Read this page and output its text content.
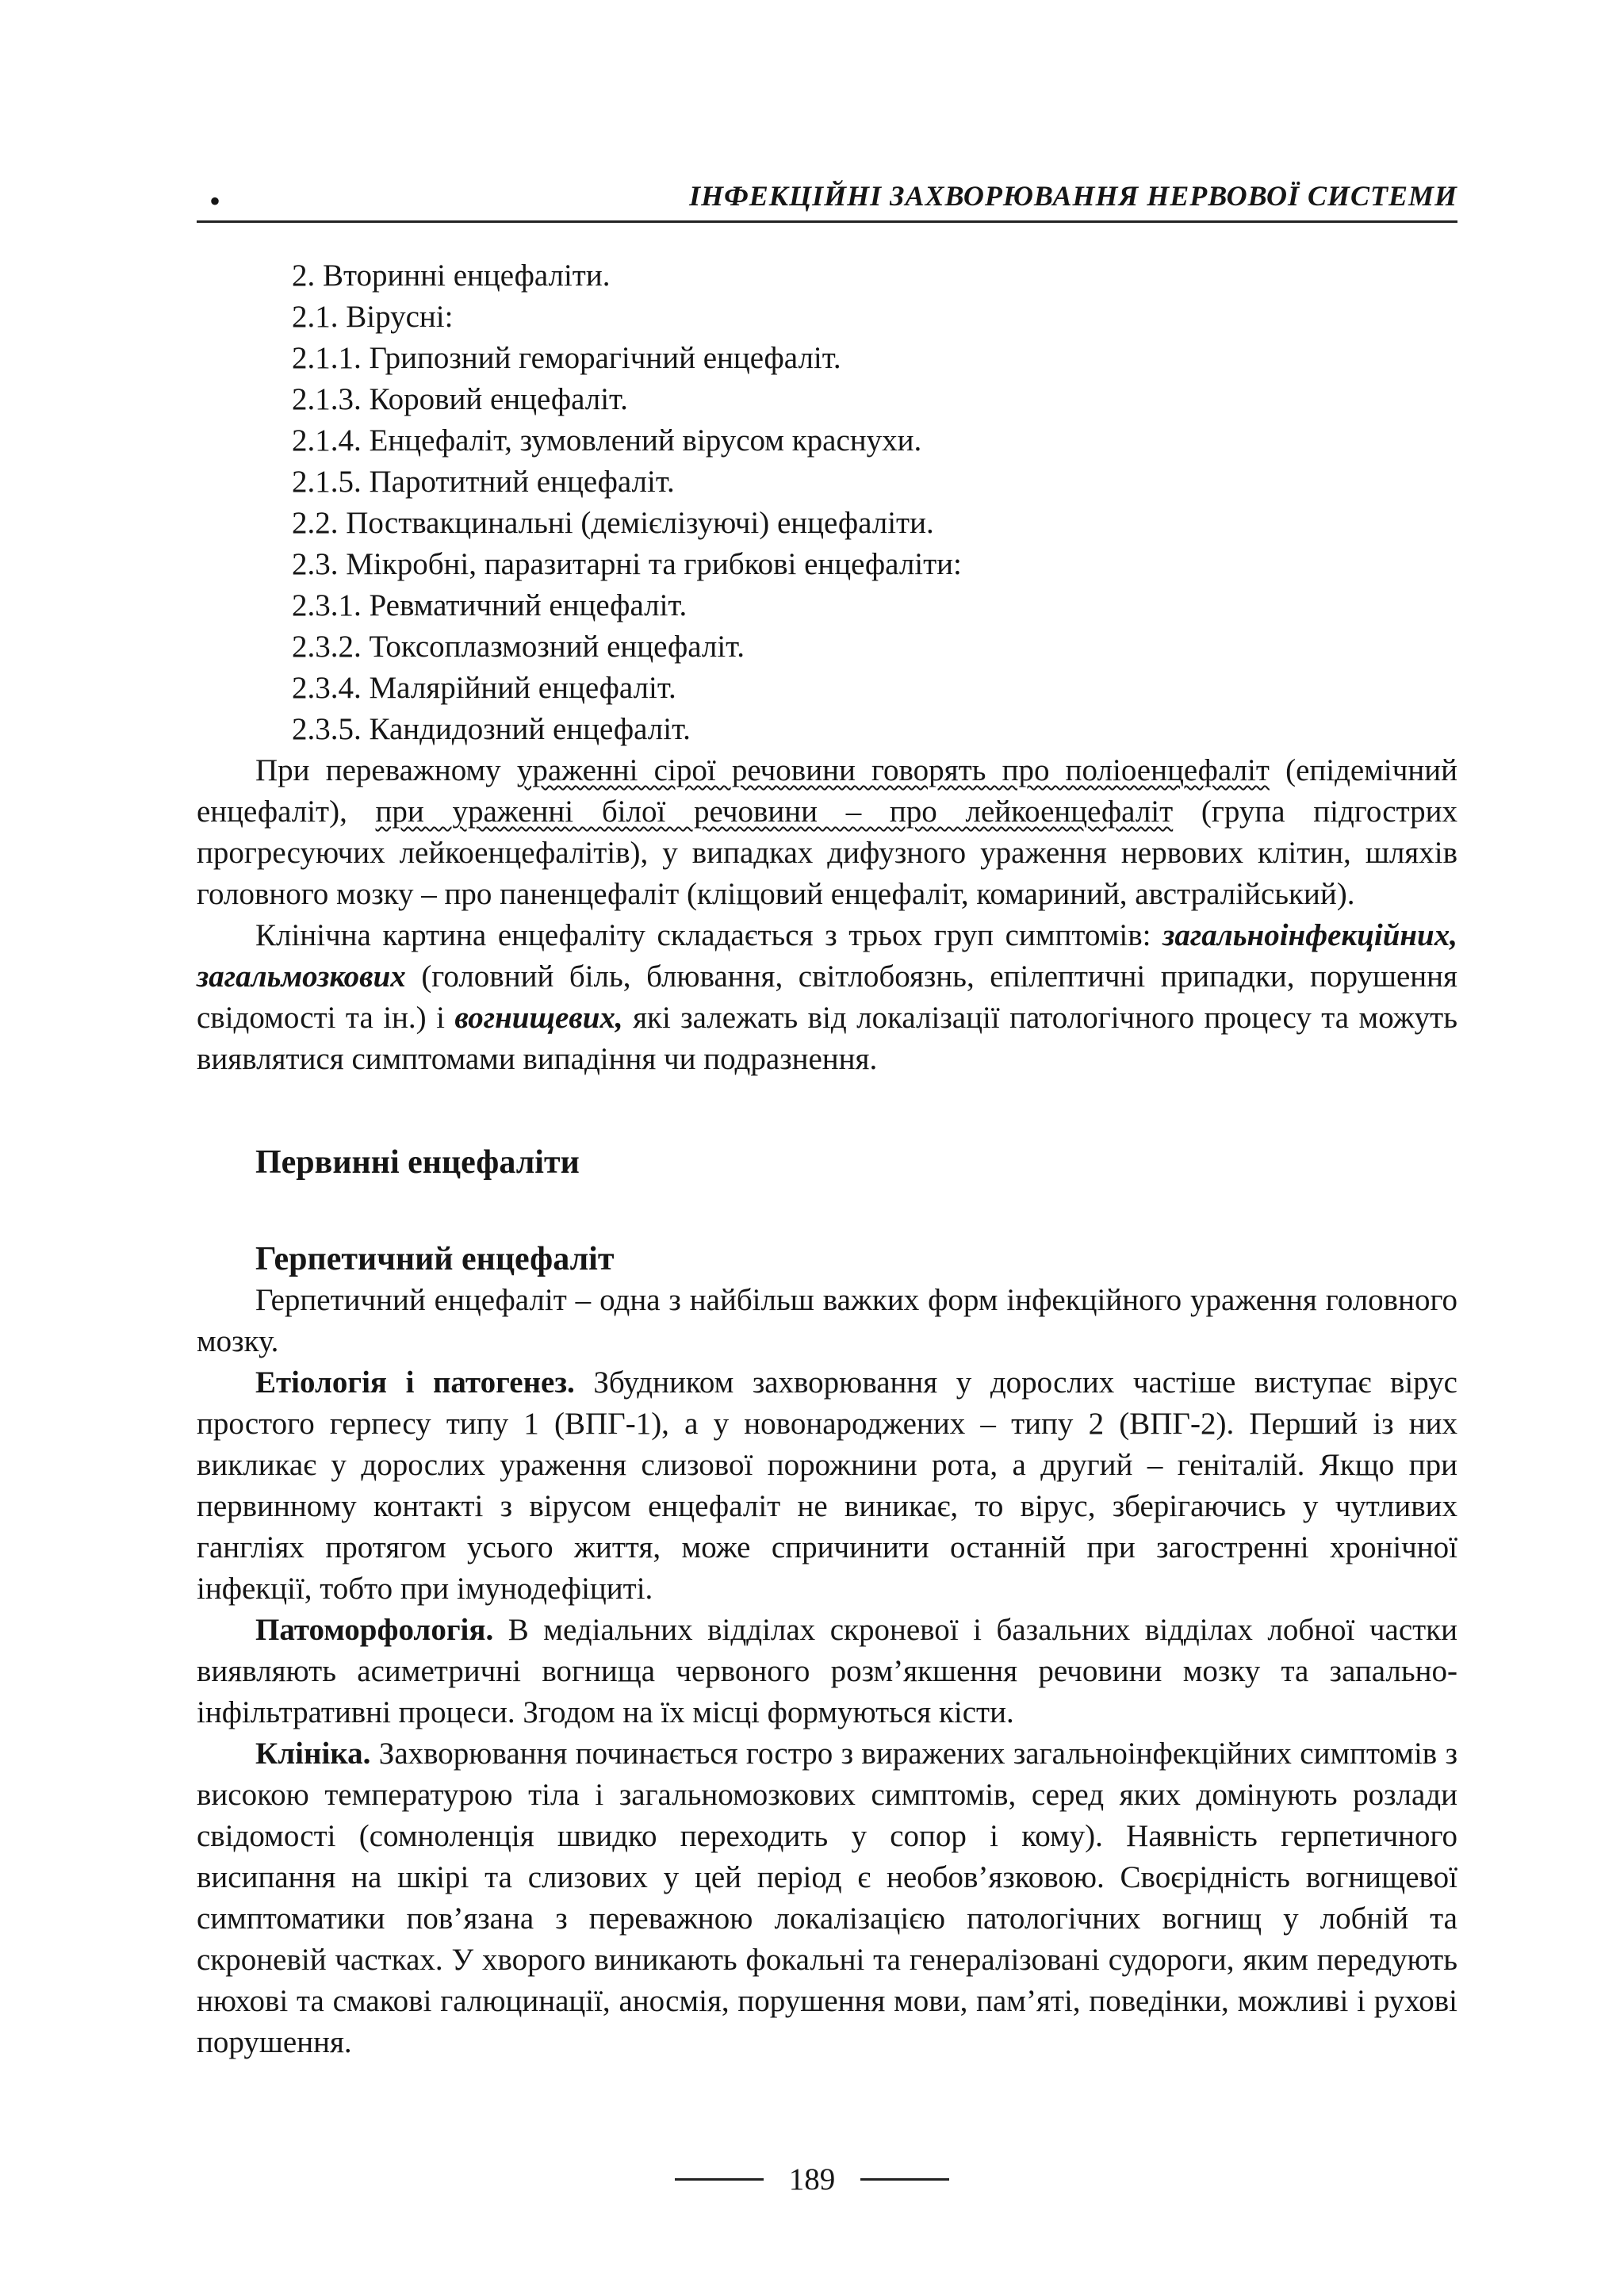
•	ІНФЕКЦІЙНІ ЗАХВОРЮВАННЯ НЕРВОВОЇ СИСТЕМИ
2. Вторинні енцефаліти.
2.1. Вірусні:
2.1.1. Грипозний геморагічний енцефаліт.
2.1.3. Коровий енцефаліт.
2.1.4. Енцефаліт, зумовлений вірусом краснухи.
2.1.5. Паротитний енцефаліт.
2.2. Поствакцинальні (демієлізуючі) енцефаліти.
2.3. Мікробні, паразитарні та грибкові енцефаліти:
2.3.1. Ревматичний енцефаліт.
2.3.2. Токсоплазмозний енцефаліт.
2.3.4. Малярійний енцефаліт.
2.3.5. Кандидозний енцефаліт.

При переважному ураженні сірої речовини говорять про поліоенцефаліт (епідемічний енцефаліт), при ураженні білої речовини – про лейкоенцефаліт (група підгострих прогресуючих лейкоенцефалітів), у випадках дифузного ураження нервових клітин, шляхів головного мозку – про паненцефаліт (кліщовий енцефаліт, комариний, австралійський).

Клінічна картина енцефаліту складається з трьох груп симптомів: загальноінфекційних, загальмозкових (головний біль, блювання, світлобоязнь, епілептичні припадки, порушення свідомості та ін.) і вогнищевих, які залежать від локалізації патологічного процесу та можуть виявлятися симптомами випадіння чи подразнення.

Первинні енцефаліти
Герпетичний енцефаліт

Герпетичний енцефаліт – одна з найбільш важких форм інфекційного ураження головного мозку.

Етіологія і патогенез. Збудником захворювання у дорослих частіше виступає вірус простого герпесу типу 1 (ВПГ-1), а у новонароджених – типу 2 (ВПГ-2). Перший із них викликає у дорослих ураження слизової порожнини рота, а другий – геніталій. Якщо при первинному контакті з вірусом енцефаліт не виникає, то вірус, зберігаючись у чутливих гангліях протягом усього життя, може спричинити останній при загостренні хронічної інфекції, тобто при імунодефіциті.

Патоморфологія. В медіальних відділах скроневої і базальних відділах лобної частки виявляють асиметричні вогнища червоного розм’якшення речовини мозку та запально-інфільтративні процеси. Згодом на їх місці формуються кісти.

Клініка. Захворювання починається гостро з виражених загальноінфекційних симптомів з високою температурою тіла і загальномозкових симптомів, серед яких домінують розлади свідомості (сомноленція швидко переходить у сопор і кому). Наявність герпетичного висипання на шкірі та слизових у цей період є необов’язковою. Своєрідність вогнищевої симптоматики пов’язана з переважною локалізацією патологічних вогнищ у лобній та скроневій частках. У хворого виникають фокальні та генералізовані судороги, яким передують нюхові та смакові галюцинації, аносмія, порушення мови, пам’яті, поведінки, можливі і рухові порушення.

189
